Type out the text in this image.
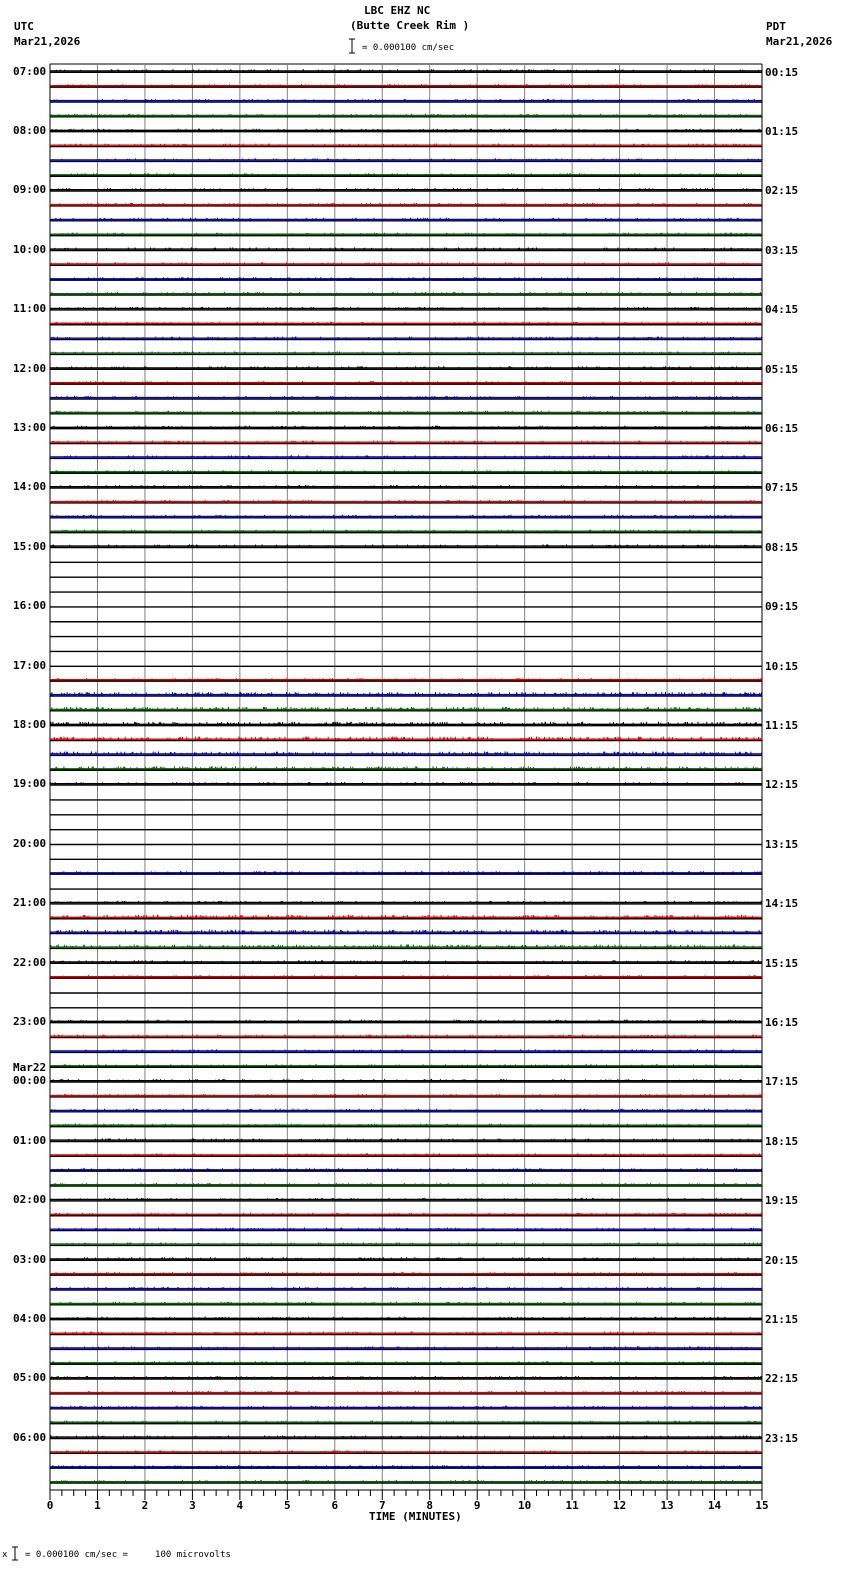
LBC EHZ NC
(Butte Creek Rim )
UTC
Mar21,2026
PDT
Mar21,2026
= 0.000100 cm/sec
TIME (MINUTES)
x = 0.000100 cm/sec =     100 microvolts
0	1	2	3	4	5	6	7	8	9	10	11	12	13	14	15
07:00
08:00
09:00
10:00
11:00
12:00
13:00
14:00
15:00
16:00
17:00
18:00
19:00
20:00
21:00
22:00
23:00
00:00
Mar22
01:00
02:00
03:00
04:00
05:00
06:00
00:15
01:15
02:15
03:15
04:15
05:15
06:15
07:15
08:15
09:15
10:15
11:15
12:15
13:15
14:15
15:15
16:15
17:15
18:15
19:15
20:15
21:15
22:15
23:15
